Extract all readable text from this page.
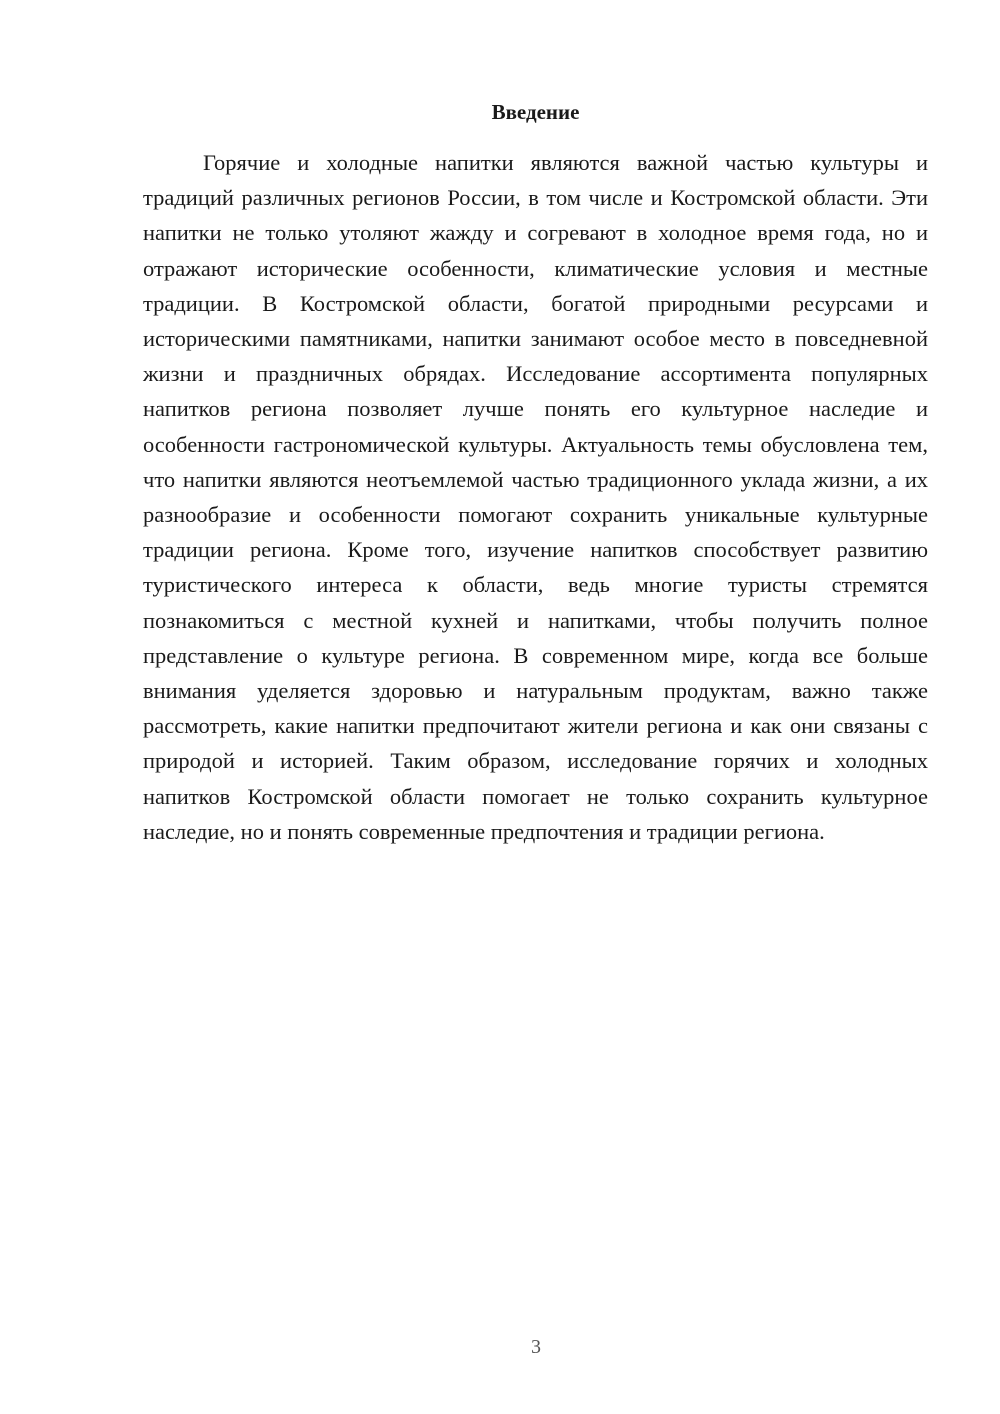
Введение

Горячие и холодные напитки являются важной частью культуры и традиций различных регионов России, в том числе и Костромской области. Эти напитки не только утоляют жажду и согревают в холодное время года, но и отражают исторические особенности, климатические условия и местные традиции. В Костромской области, богатой природными ресурсами и историческими памятниками, напитки занимают особое место в повседневной жизни и праздничных обрядах. Исследование ассортимента популярных напитков региона позволяет лучше понять его культурное наследие и особенности гастрономической культуры. Актуальность темы обусловлена тем, что напитки являются неотъемлемой частью традиционного уклада жизни, а их разнообразие и особенности помогают сохранить уникальные культурные традиции региона. Кроме того, изучение напитков способствует развитию туристического интереса к области, ведь многие туристы стремятся познакомиться с местной кухней и напитками, чтобы получить полное представление о культуре региона. В современном мире, когда все больше внимания уделяется здоровью и натуральным продуктам, важно также рассмотреть, какие напитки предпочитают жители региона и как они связаны с природой и историей. Таким образом, исследование горячих и холодных напитков Костромской области помогает не только сохранить культурное наследие, но и понять современные предпочтения и традиции региона.

3
